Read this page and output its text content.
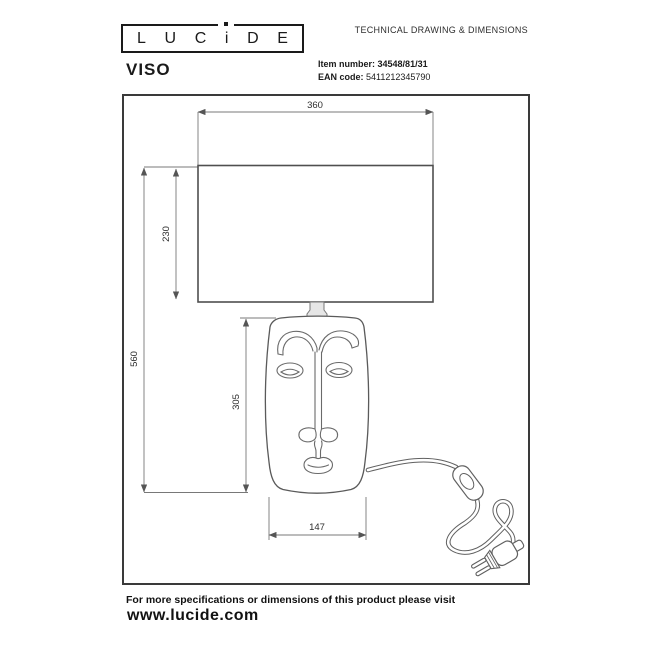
L U C i D E
VISO
TECHNICAL DRAWING & DIMENSIONS
Item number: 34548/81/31
EAN code: 5411212345790
360
230
560
305
147
For more specifications or dimensions of this product please visit
www.lucide.com
